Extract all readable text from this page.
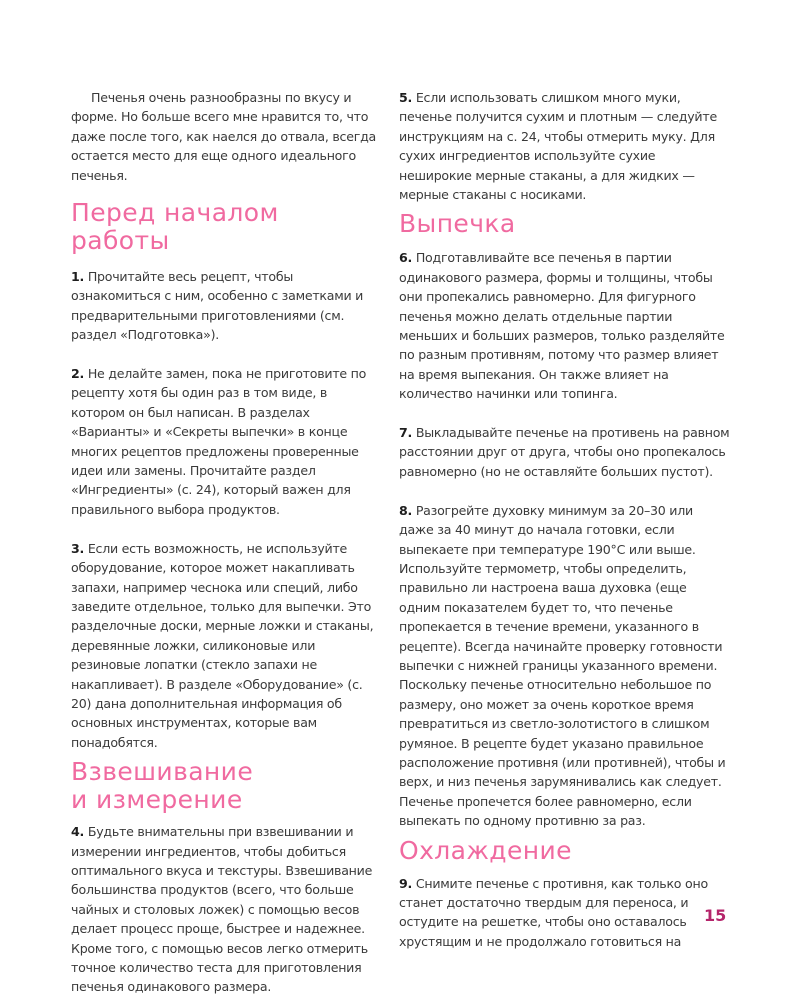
Печенья очень разнообразны по вкусу и форме. Но больше всего мне нравится то, что даже после того, как наелся до отвала, всегда остается место для еще одного идеального печенья.

Перед началом работы

1. Прочитайте весь рецепт, чтобы ознакомиться с ним, особенно с заметками и предварительными приготовлениями (см. раздел «Подготовка»).

2. Не делайте замен, пока не приготовите по рецепту хотя бы один раз в том виде, в котором он был написан. В разделах «Варианты» и «Секреты выпечки» в конце многих рецептов предложены проверенные идеи или замены. Прочитайте раздел «Ингредиенты» (с. 24), который важен для правильного выбора продуктов.

3. Если есть возможность, не используйте оборудование, которое может накапливать запахи, например чеснока или специй, либо заведите отдельное, только для выпечки. Это разделочные доски, мерные ложки и стаканы, деревянные ложки, силиконовые или резиновые лопатки (стекло запахи не накапливает). В разделе «Оборудование» (с. 20) дана дополнительная информация об основных инструментах, которые вам понадобятся.

Взвешивание
и измерение

4. Будьте внимательны при взвешивании и измерении ингредиентов, чтобы добиться оптимального вкуса и текстуры. Взвешивание большинства продуктов (всего, что больше чайных и столовых ложек) с помощью весов делает процесс проще, быстрее и надежнее. Кроме того, с помощью весов легко отмерить точное количество теста для приготовления печенья одинакового размера.

5. Если использовать слишком много муки, печенье получится сухим и плотным — следуйте инструкциям на с. 24, чтобы отмерить муку. Для сухих ингредиентов используйте сухие неширокие мерные стаканы, а для жидких — мерные стаканы с носиками.

Выпечка

6. Подготавливайте все печенья в партии одинакового размера, формы и толщины, чтобы они пропекались равномерно. Для фигурного печенья можно делать отдельные партии меньших и больших размеров, только разделяйте по разным противням, потому что размер влияет на время выпекания. Он также влияет на количество начинки или топинга.

7. Выкладывайте печенье на противень на равном расстоянии друг от друга, чтобы оно пропекалось равномерно (но не оставляйте больших пустот).

8. Разогрейте духовку минимум за 20–30 или даже за 40 минут до начала готовки, если выпекаете при температуре 190°C или выше. Используйте термометр, чтобы определить, правильно ли настроена ваша духовка (еще одним показателем будет то, что печенье пропекается в течение времени, указанного в рецепте). Всегда начинайте проверку готовности выпечки с нижней границы указанного времени. Поскольку печенье относительно небольшое по размеру, оно может за очень короткое время превратиться из светло-золотистого в слишком румяное. В рецепте будет указано правильное расположение противня (или противней), чтобы и верх, и низ печенья зарумянивались как следует. Печенье пропечется более равномерно, если выпекать по одному противню за раз.

Охлаждение

9. Снимите печенье с противня, как только оно станет достаточно твердым для переноса, и остудите на решетке, чтобы оно оставалось хрустящим и не продолжало готовиться на

15
